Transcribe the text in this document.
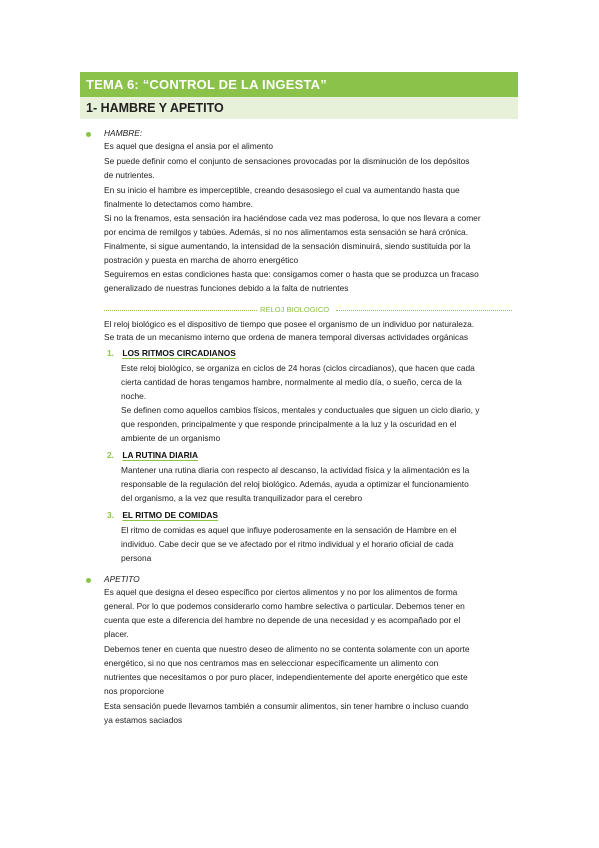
TEMA 6: “CONTROL DE LA INGESTA”
1- HAMBRE Y APETITO
HAMBRE:
Es aquel que designa el ansia por el alimento
Se puede definir como el conjunto de sensaciones provocadas por la disminución de los depósitos
de nutrientes.
En su inicio el hambre es imperceptible, creando desasosiego el cual va aumentando hasta que
finalmente lo detectamos como hambre.
Si no la frenamos, esta sensación ira haciéndose cada vez mas poderosa, lo que nos llevara a comer
por encima de remilgos y tabúes. Además, si no nos alimentamos esta sensación se hará crónica.
Finalmente, si sigue aumentando, la intensidad de la sensación disminuirá, siendo sustituida por la
postración y puesta en marcha de ahorro energético
Seguiremos en estas condiciones hasta que: consigamos comer o hasta que se produzca un fracaso
generalizado de nuestras funciones debido a la falta de nutrientes
RELOJ BIOLOGICO
El reloj biológico es el dispositivo de tiempo que posee el organismo de un individuo por naturaleza.
Se trata de un mecanismo interno que ordena de manera temporal diversas actividades orgánicas
1. LOS RITMOS CIRCADIANOS
Este reloj biológico, se organiza en ciclos de 24 horas (ciclos circadianos), que hacen que cada
cierta cantidad de horas tengamos hambre, normalmente al medio día, o sueño, cerca de la
noche.
Se definen como aquellos cambios físicos, mentales y conductuales que siguen un ciclo diario, y
que responden, principalmente y que responde principalmente a la luz y la oscuridad en el
ambiente de un organismo
2. LA RUTINA DIARIA
Mantener una rutina diaria con respecto al descanso, la actividad física y la alimentación es la
responsable de la regulación del reloj biológico. Además, ayuda a optimizar el funcionamiento
del organismo, a la vez que resulta tranquilizador para el cerebro
3. EL RITMO DE COMIDAS
El ritmo de comidas es aquel que influye poderosamente en la sensación de Hambre en el
individuo. Cabe decir que se ve afectado por el ritmo individual y el horario oficial de cada
persona
APETITO
Es aquel que designa el deseo específico por ciertos alimentos y no por los alimentos de forma
general. Por lo que podemos considerarlo como hambre selectiva o particular. Debemos tener en
cuenta que este a diferencia del hambre no depende de una necesidad y es acompañado por el
placer.
Debemos tener en cuenta que nuestro deseo de alimento no se contenta solamente con un aporte
energético, si no que nos centramos mas en seleccionar específicamente un alimento con
nutrientes que necesitamos o por puro placer, independientemente del aporte energético que este
nos proporcione
Esta sensación puede llevarnos también a consumir alimentos, sin tener hambre o incluso cuando
ya estamos saciados
